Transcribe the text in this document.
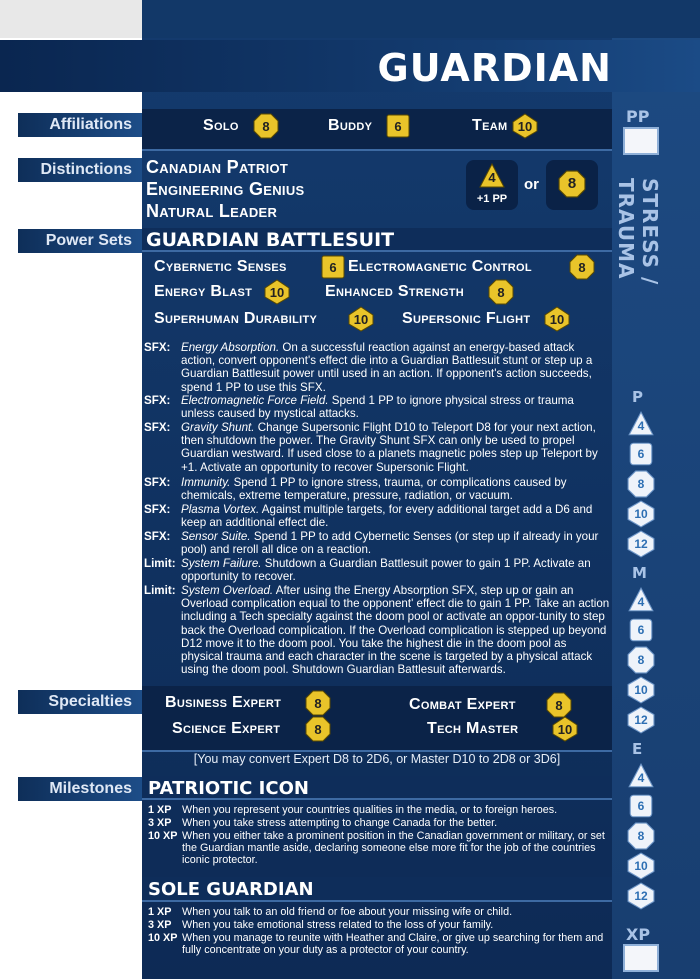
GUARDIAN
Affiliations	Solo	8	Buddy	6	Team 10
Distinctions Canadian Patriot
Engineering Genius
Natural Leader
4
+1 PP
or	8
Power Sets GUARDIAN BATTLESUIT
Cybernetic Senses	6 Electromagnetic Control	8
Energy Blast	10	Enhanced Strength	8
Superhuman Durability	10	Supersonic Flight	10
SFX: Energy Absorption. On a successful reaction against an energy-based attack action, convert opponent's effect die into a Guardian Battlesuit stunt or step up a Guardian Battlesuit power until used in an action. If opponent's action succeeds, spend 1 PP to use this SFX.
SFX: Electromagnetic Force Field. Spend 1 PP to ignore physical stress or trauma unless caused by mystical attacks.
SFX: Gravity Shunt. Change Supersonic Flight D10 to Teleport D8 for your next action, then shutdown the power. The Gravity Shunt SFX can only be used to propel Guardian westward. If used close to a planets magnetic poles step up Teleport by +1. Activate an opportunity to recover Supersonic Flight.
SFX: Immunity. Spend 1 PP to ignore stress, trauma, or complications caused by chemicals, extreme temperature, pressure, radiation, or vacuum.
SFX: Plasma Vortex. Against multiple targets, for every additional target add a D6 and keep an additional effect die.
SFX: Sensor Suite. Spend 1 PP to add Cybernetic Senses (or step up if already in your pool) and reroll all dice on a reaction.
Limit: System Failure. Shutdown a Guardian Battlesuit power to gain 1 PP. Activate an opportunity to recover.
Limit: System Overload. After using the Energy Absorption SFX, step up or gain an Overload complication equal to the opponent' effect die to gain 1 PP. Take an action including a Tech specialty against the doom pool or activate an oppor-tunity to step back the Overload complication. If the Overload complication is stepped up beyond D12 move it to the doom pool. You take the highest die in the doom pool as physical trauma and each character in the scene is targeted by a physical attack using the doom pool. Shutdown Guardian Battlesuit afterwards.
Specialties	Business Expert	8	Combat Expert	8
Science Expert	8	Tech Master	10
[You may convert Expert D8 to 2D6, or Master D10 to 2D8 or 3D6]
Milestones PATRIOTIC ICON
1 XP When you represent your countries qualities in the media, or to foreign heroes.
3 XP When you take stress attempting to change Canada for the better.
10 XP When you either take a prominent position in the Canadian government or military, or set the Guardian mantle aside, declaring someone else more fit for the job of the countries iconic protector.
SOLE GUARDIAN
1 XP When you talk to an old friend or foe about your missing wife or child.
3 XP When you take emotional stress related to the loss of your family.
10 XP When you manage to reunite with Heather and Claire, or give up searching for them and fully concentrate on your duty as a protector of your country.
PP
STRESS / TRAUMA
P
4
6
8
10
12
M
4
6
8
10
12
E
4
6
8
10
12
XP
